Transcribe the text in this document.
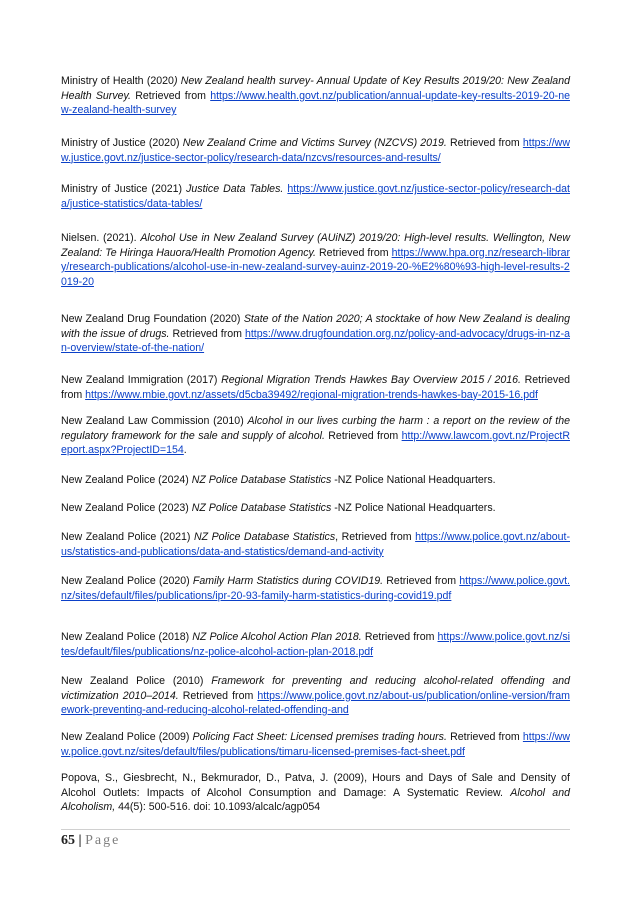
Ministry of Health (2020) New Zealand health survey- Annual Update of Key Results 2019/20: New Zealand Health Survey. Retrieved from https://www.health.govt.nz/publication/annual-update-key-results-2019-20-new-zealand-health-survey

Ministry of Justice (2020) New Zealand Crime and Victims Survey (NZCVS) 2019. Retrieved from https://www.justice.govt.nz/justice-sector-policy/research-data/nzcvs/resources-and-results/

Ministry of Justice (2021) Justice Data Tables. https://www.justice.govt.nz/justice-sector-policy/research-data/justice-statistics/data-tables/

Nielsen. (2021). Alcohol Use in New Zealand Survey (AUiNZ) 2019/20: High-level results. Wellington, New Zealand: Te Hiringa Hauora/Health Promotion Agency. Retrieved from https://www.hpa.org.nz/research-library/research-publications/alcohol-use-in-new-zealand-survey-auinz-2019-20-%E2%80%93-high-level-results-2019-20

New Zealand Drug Foundation (2020) State of the Nation 2020; A stocktake of how New Zealand is dealing with the issue of drugs. Retrieved from https://www.drugfoundation.org.nz/policy-and-advocacy/drugs-in-nz-an-overview/state-of-the-nation/

New Zealand Immigration (2017) Regional Migration Trends Hawkes Bay Overview 2015 / 2016. Retrieved from https://www.mbie.govt.nz/assets/d5cba39492/regional-migration-trends-hawkes-bay-2015-16.pdf

New Zealand Law Commission (2010) Alcohol in our lives curbing the harm : a report on the review of the regulatory framework for the sale and supply of alcohol. Retrieved from http://www.lawcom.govt.nz/ProjectReport.aspx?ProjectID=154.

New Zealand Police (2024) NZ Police Database Statistics -NZ Police National Headquarters.

New Zealand Police (2023) NZ Police Database Statistics -NZ Police National Headquarters.

New Zealand Police (2021) NZ Police Database Statistics, Retrieved from https://www.police.govt.nz/about-us/statistics-and-publications/data-and-statistics/demand-and-activity

New Zealand Police (2020) Family Harm Statistics during COVID19. Retrieved from https://www.police.govt.nz/sites/default/files/publications/ipr-20-93-family-harm-statistics-during-covid19.pdf

New Zealand Police (2018) NZ Police Alcohol Action Plan 2018. Retrieved from https://www.police.govt.nz/sites/default/files/publications/nz-police-alcohol-action-plan-2018.pdf

New Zealand Police (2010) Framework for preventing and reducing alcohol-related offending and victimization 2010–2014. Retrieved from https://www.police.govt.nz/about-us/publication/online-version/framework-preventing-and-reducing-alcohol-related-offending-and

New Zealand Police (2009) Policing Fact Sheet: Licensed premises trading hours. Retrieved from https://www.police.govt.nz/sites/default/files/publications/timaru-licensed-premises-fact-sheet.pdf

Popova, S., Giesbrecht, N., Bekmurador, D., Patva, J. (2009), Hours and Days of Sale and Density of Alcohol Outlets: Impacts of Alcohol Consumption and Damage: A Systematic Review. Alcohol and Alcoholism, 44(5): 500-516. doi: 10.1093/alcalc/agp054

65 | Page
